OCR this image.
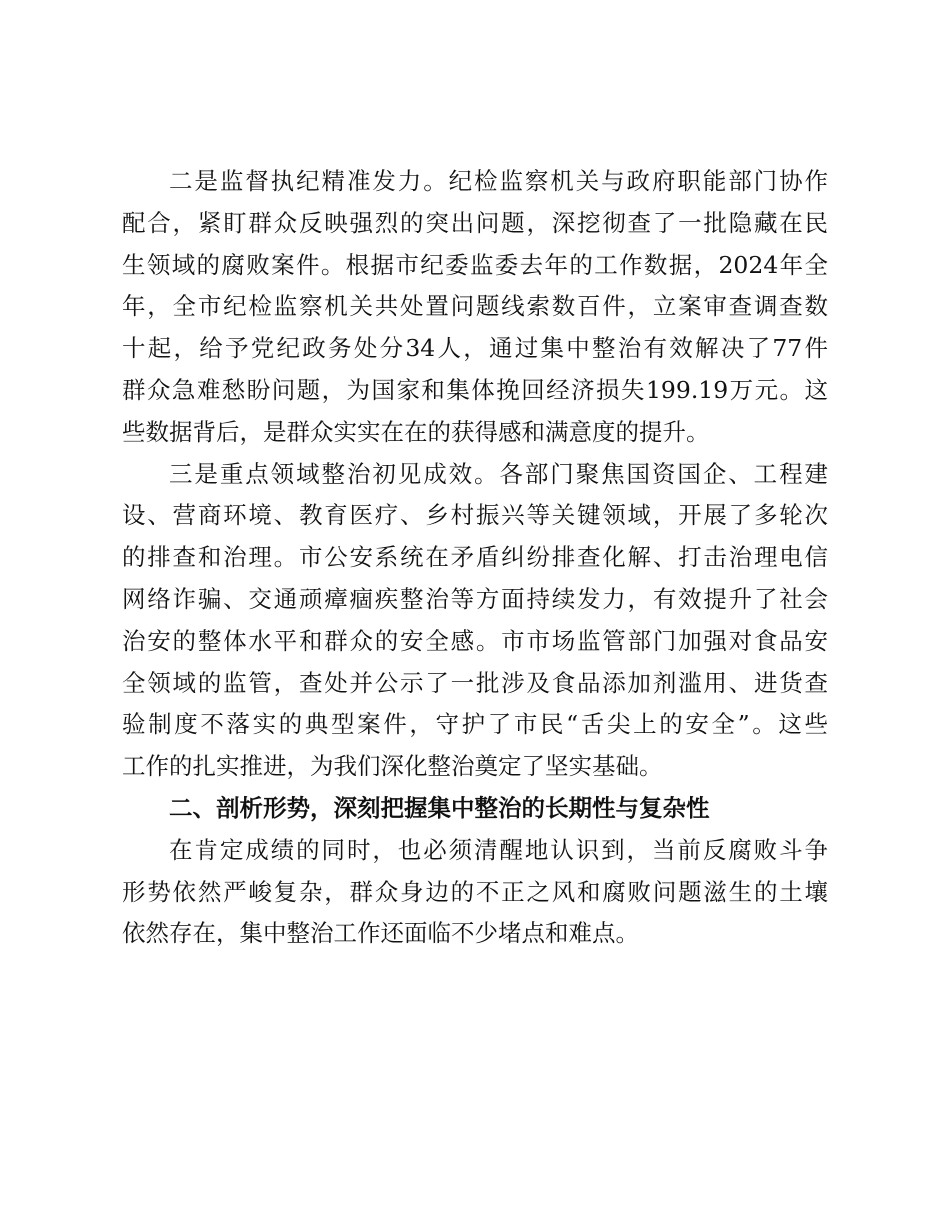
二是监督执纪精准发力。纪检监察机关与政府职能部门协作
配合，紧盯群众反映强烈的突出问题，深挖彻查了一批隐藏在民
生领域的腐败案件。根据市纪委监委去年的工作数据，2024年全
年，全市纪检监察机关共处置问题线索数百件，立案审查调查数
十起，给予党纪政务处分34人，通过集中整治有效解决了77件
群众急难愁盼问题，为国家和集体挽回经济损失199.19万元。这
些数据背后，是群众实实在在的获得感和满意度的提升。
三是重点领域整治初见成效。各部门聚焦国资国企、工程建
设、营商环境、教育医疗、乡村振兴等关键领域，开展了多轮次
的排查和治理。市公安系统在矛盾纠纷排查化解、打击治理电信
网络诈骗、交通顽瘴痼疾整治等方面持续发力，有效提升了社会
治安的整体水平和群众的安全感。市市场监管部门加强对食品安
全领域的监管，查处并公示了一批涉及食品添加剂滥用、进货查
验制度不落实的典型案件，守护了市民“舌尖上的安全”。这些
工作的扎实推进，为我们深化整治奠定了坚实基础。
二、剖析形势，深刻把握集中整治的长期性与复杂性
在肯定成绩的同时，也必须清醒地认识到，当前反腐败斗争
形势依然严峻复杂，群众身边的不正之风和腐败问题滋生的土壤
依然存在，集中整治工作还面临不少堵点和难点。
